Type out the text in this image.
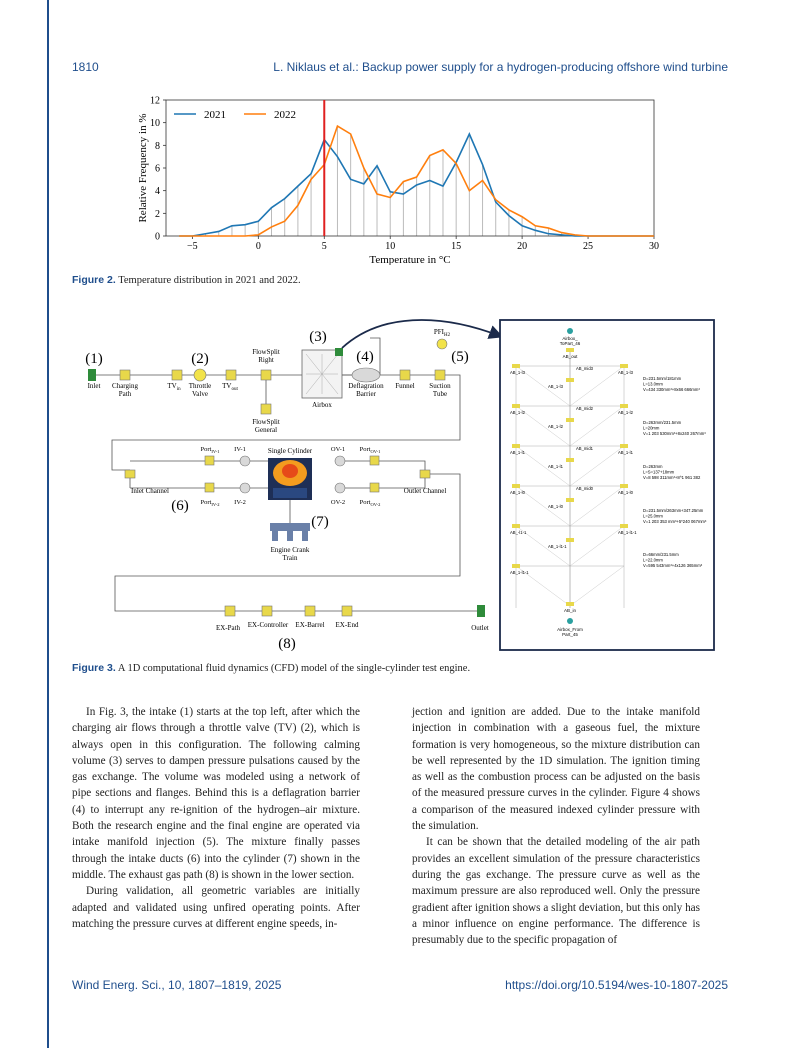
1810	L. Niklaus et al.: Backup power supply for a hydrogen-producing offshore wind turbine
−5	0	5	10	15	20	25	30
0
2
4
6
8
10
12
Temperature in °C
Relative Frequency in %	2021	2022
Figure 2. Temperature distribution in 2021 and 2022.
Inlet Charging
Path
$TV_{in}$ Throttle
Valve
$TV_{out}$
FlowSplit
Right
FlowSplit
General
Airbox
Deflagration
Barrier
Funnel Suction
Tube
$PFI_{H2}$
(1)	(2)
(3)
(4)	(5)
(6)
(7)
(8)
Single Cylinder
Engine Crank
Train
Port$_{IV-1}$ IV-1	OV-1 Port$_{OV-1}$
Port$_{IV-2}$ IV-2	OV-2 Port$_{OV-2}$
Inlet Channel	Outlet Channel
EX-Path EX-Controller EX-Barrel EX-End	Outlet
Airbox_
ToPart_46
AB_out
AB_in
Airbox_From
Part_45
AB_1-l3
AB_1-l2
AB_1-l1
AB_1-l0
AB_-l1-1
AB_1-l1-1
AB_1-l3
AB_1-l2
AB_1-l1
AB_1-l0
AB_1-l1-1
AB_1-l3
AB_1-l2
AB_1-l1
AB_1-l0
AB_1-l1-1
AB_mid3
AB_mid2
AB_mid1
AB_mid0
D=231.5mm/181mm
L=13.0mm
V=434 330mm³+8x66 666mm³
D=263mm/231.5mm
L=20mm
V=1 203 530mm³+8x240 267mm³
D=263mm
L=S=137+18mm
V=8 598 311mm³+8^1 961 382
D=231.5mm/263mm+347.25mm
L=25.0mm
V=1 203 353 mm³+5*240 067mm³
D=66mm/231.5mm
L=22.0mm
V=595 543mm³+4x126 365mm³
Figure 3. A 1D computational fluid dynamics (CFD) model of the single-cylinder test engine.

In Fig. 3, the intake (1) starts at the top left, after which the charging air flows through a throttle valve (TV) (2), which is always open in this configuration. The following calming volume (3) serves to dampen pressure pulsations caused by the gas exchange. The volume was modeled using a network of pipe sections and flanges. Behind this is a deflagration barrier (4) to interrupt any re-ignition of the hydrogen–air mixture. Both the research engine and the final engine are operated via intake manifold injection (5). The mixture finally passes through the intake ducts (6) into the cylinder (7) shown in the middle. The exhaust gas path (8) is shown in the lower section.

During validation, all geometric variables are initially adapted and validated using unfired operating points. After matching the pressure curves at different engine speeds, in-

jection and ignition are added. Due to the intake manifold injection in combination with a gaseous fuel, the mixture formation is very homogeneous, so the mixture distribution can be well represented by the 1D simulation. The ignition timing as well as the combustion process can be adjusted on the basis of the measured pressure curves in the cylinder. Figure 4 shows a comparison of the measured indexed cylinder pressure with the simulation.

It can be shown that the detailed modeling of the air path provides an excellent simulation of the pressure characteristics during the gas exchange. The pressure curve as well as the maximum pressure are also reproduced well. Only the pressure gradient after ignition shows a slight deviation, but this only has a minor influence on engine performance. The difference is presumably due to the specific propagation of

Wind Energ. Sci., 10, 1807–1819, 2025	https://doi.org/10.5194/wes-10-1807-2025
